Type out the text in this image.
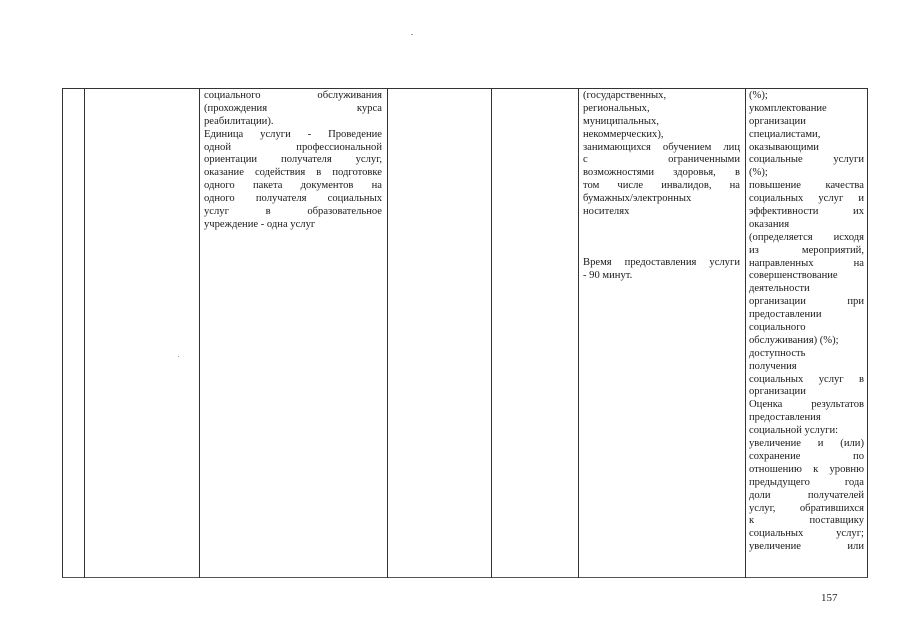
социального обслуживания
(прохождения курса
реабилитации).
Единица услуги - Проведение
одной профессиональной
ориентации получателя услуг,
оказание содействия в подготовке
одного пакета документов на
одного получателя социальных
услуг в образовательное
учреждение - одна услуг
(государственных,
региональных,
муниципальных,
некоммерческих),
занимающихся обучением лиц
с ограниченными
возможностями здоровья, в
том числе инвалидов, на
бумажных/электронных
носителях
Время предоставления услуги
- 90 минут.
(%);
укомплектование
организации
специалистами,
оказывающими
социальные услуги
(%);
повышение качества
социальных услуг и
эффективности их
оказания
(определяется исходя
из мероприятий,
направленных на
совершенствование
деятельности
организации при
предоставлении
социального
обслуживания) (%);
доступность
получения
социальных услуг в
организации
Оценка результатов
предоставления
социальной услуги:
увеличение и (или)
сохранение по
отношению к уровню
предыдущего года
доли получателей
услуг, обратившихся
к поставщику
социальных услуг;
увеличение или
157
